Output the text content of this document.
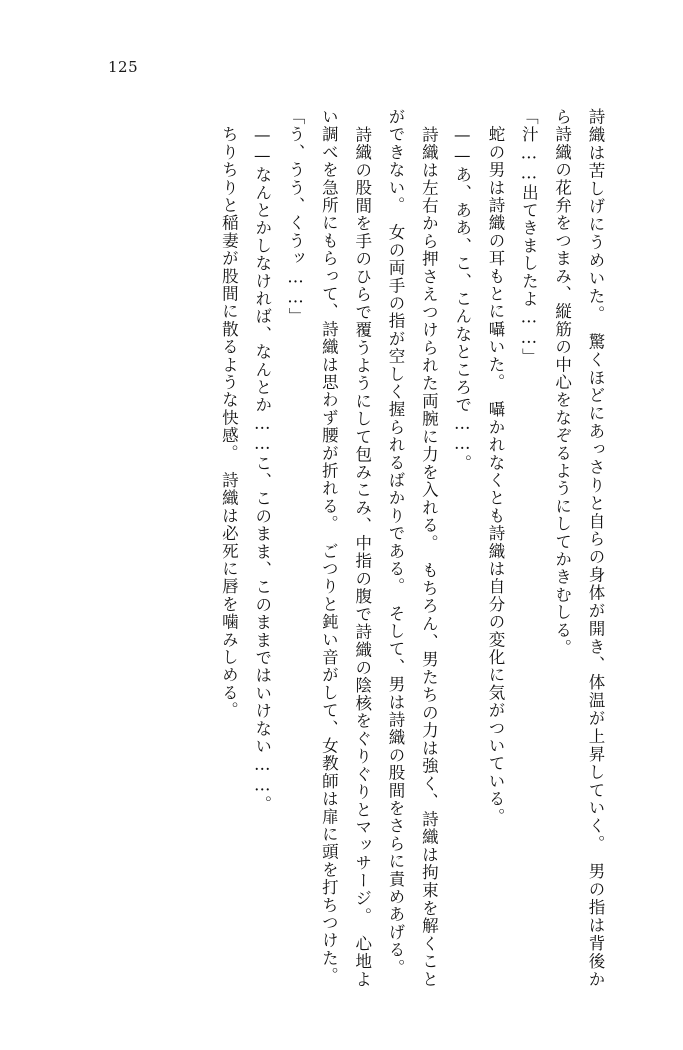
125

詩織は苦しげにうめいた。　驚くほどにあっさりと自らの身体が開き、体温が上昇していく。　男の指は背後から詩織の花弁をつまみ、縦筋の中心をなぞるようにしてかきむしる。

「汁……出てきましたよ……」

　蛇の男は詩織の耳もとに囁いた。　囁かれなくとも詩織は自分の変化に気がついている。

　——あ、ああ、こ、こんなところで……。

　詩織は左右から押さえつけられた両腕に力を入れる。　もちろん、男たちの力は強く、詩織は拘束を解くことができない。　女の両手の指が空しく握られるばかりである。　そして、男は詩織の股間をさらに責めあげる。

　詩織の股間を手のひらで覆うようにして包みこみ、中指の腹で詩織の陰核をぐりぐりとマッサージ。　心地よい調べを急所にもらって、詩織は思わず腰が折れる。　ごつりと鈍い音がして、女教師は扉に頭を打ちつけた。

「う、うう、くうッ……」

　——なんとかしなければ、なんとか……こ、このまま、このままではいけない……。

　ちりちりと稲妻が股間に散るような快感。　詩織は必死に唇を噛みしめる。
